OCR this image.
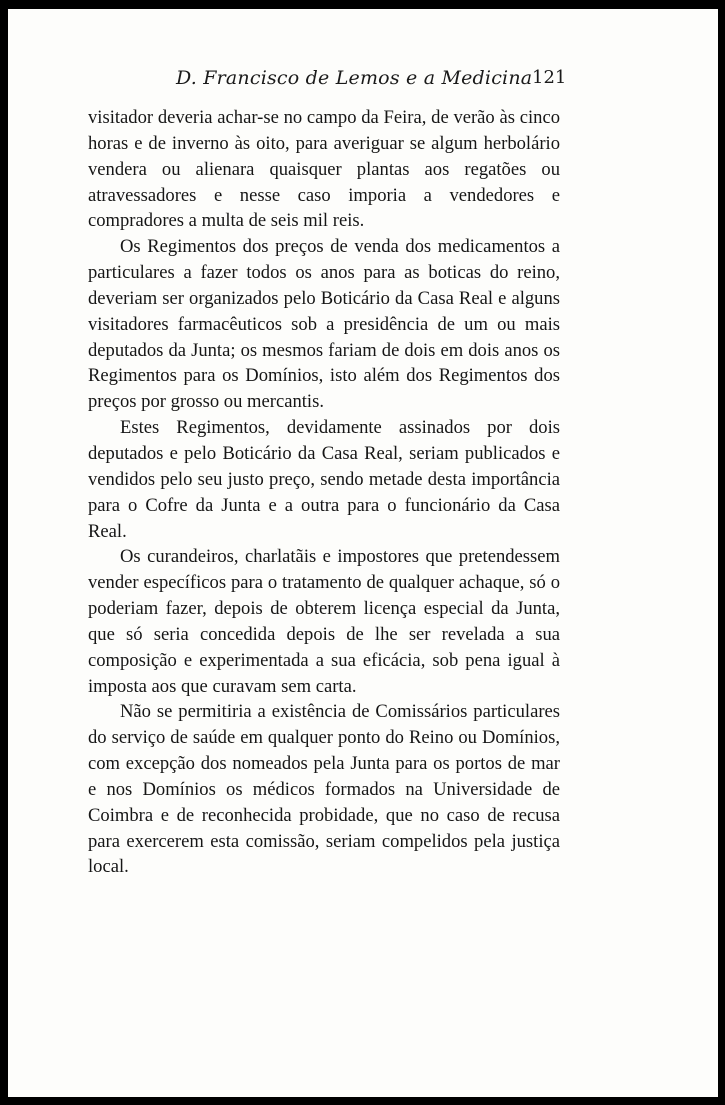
D. Francisco de Lemos e a Medicina 121

visitador deveria achar-se no campo da Feira, de verão às cinco horas e de inverno às oito, para averiguar se algum herbolário vendera ou alienara quaisquer plantas aos regatões ou atravessadores e nesse caso imporia a vendedores e compradores a multa de seis mil reis.

Os Regimentos dos preços de venda dos medicamentos a particulares a fazer todos os anos para as boticas do reino, deveriam ser organizados pelo Boticário da Casa Real e alguns visitadores farmacêuticos sob a presidência de um ou mais deputados da Junta; os mesmos fariam de dois em dois anos os Regimentos para os Domínios, isto além dos Regimentos dos preços por grosso ou mercantis.

Estes Regimentos, devidamente assinados por dois deputados e pelo Boticário da Casa Real, seriam publicados e vendidos pelo seu justo preço, sendo metade desta importância para o Cofre da Junta e a outra para o funcionário da Casa Real.

Os curandeiros, charlatãis e impostores que pretendessem vender específicos para o tratamento de qualquer achaque, só o poderiam fazer, depois de obterem licença especial da Junta, que só seria concedida depois de lhe ser revelada a sua composição e experimentada a sua eficácia, sob pena igual à imposta aos que curavam sem carta.

Não se permitiria a existência de Comissários particulares do serviço de saúde em qualquer ponto do Reino ou Domínios, com excepção dos nomeados pela Junta para os portos de mar e nos Domínios os médicos formados na Universidade de Coimbra e de reconhecida probidade, que no caso de recusa para exercerem esta comissão, seriam compelidos pela justiça local.
